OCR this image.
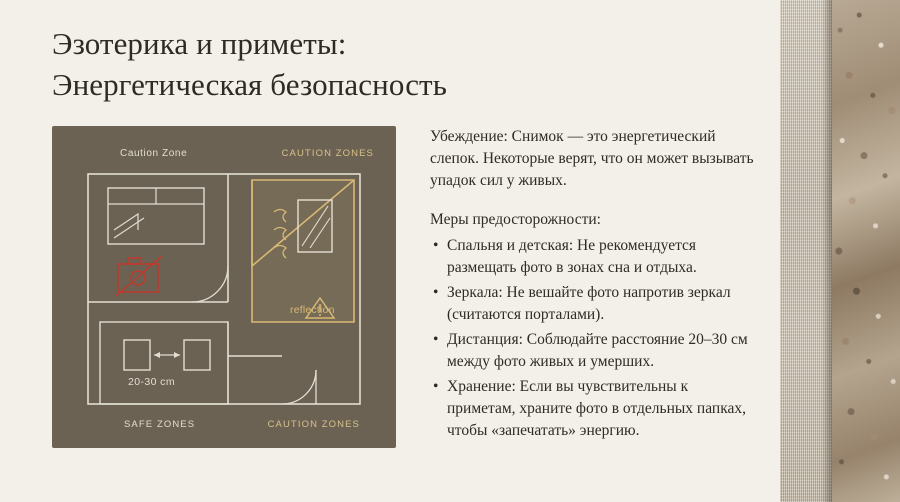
Эзотерика и приметы:
Энергетическая безопасность
Caution Zone	CAUTION ZONES
SAFE ZONES	CAUTION ZONES
reflection
20-30 cm

Убеждение: Снимок — это энергетический слепок. Некоторые верят, что он может вызывать упадок сил у живых.

Меры предосторожности:

• Спальня и детская: Не рекомендуется размещать фото в зонах сна и отдыха.
• Зеркала: Не вешайте фото напротив зеркал (считаются порталами).
• Дистанция: Соблюдайте расстояние 20–30 см между фото живых и умерших.
• Хранение: Если вы чувствительны к приметам, храните фото в отдельных папках, чтобы «запечатать» энергию.
